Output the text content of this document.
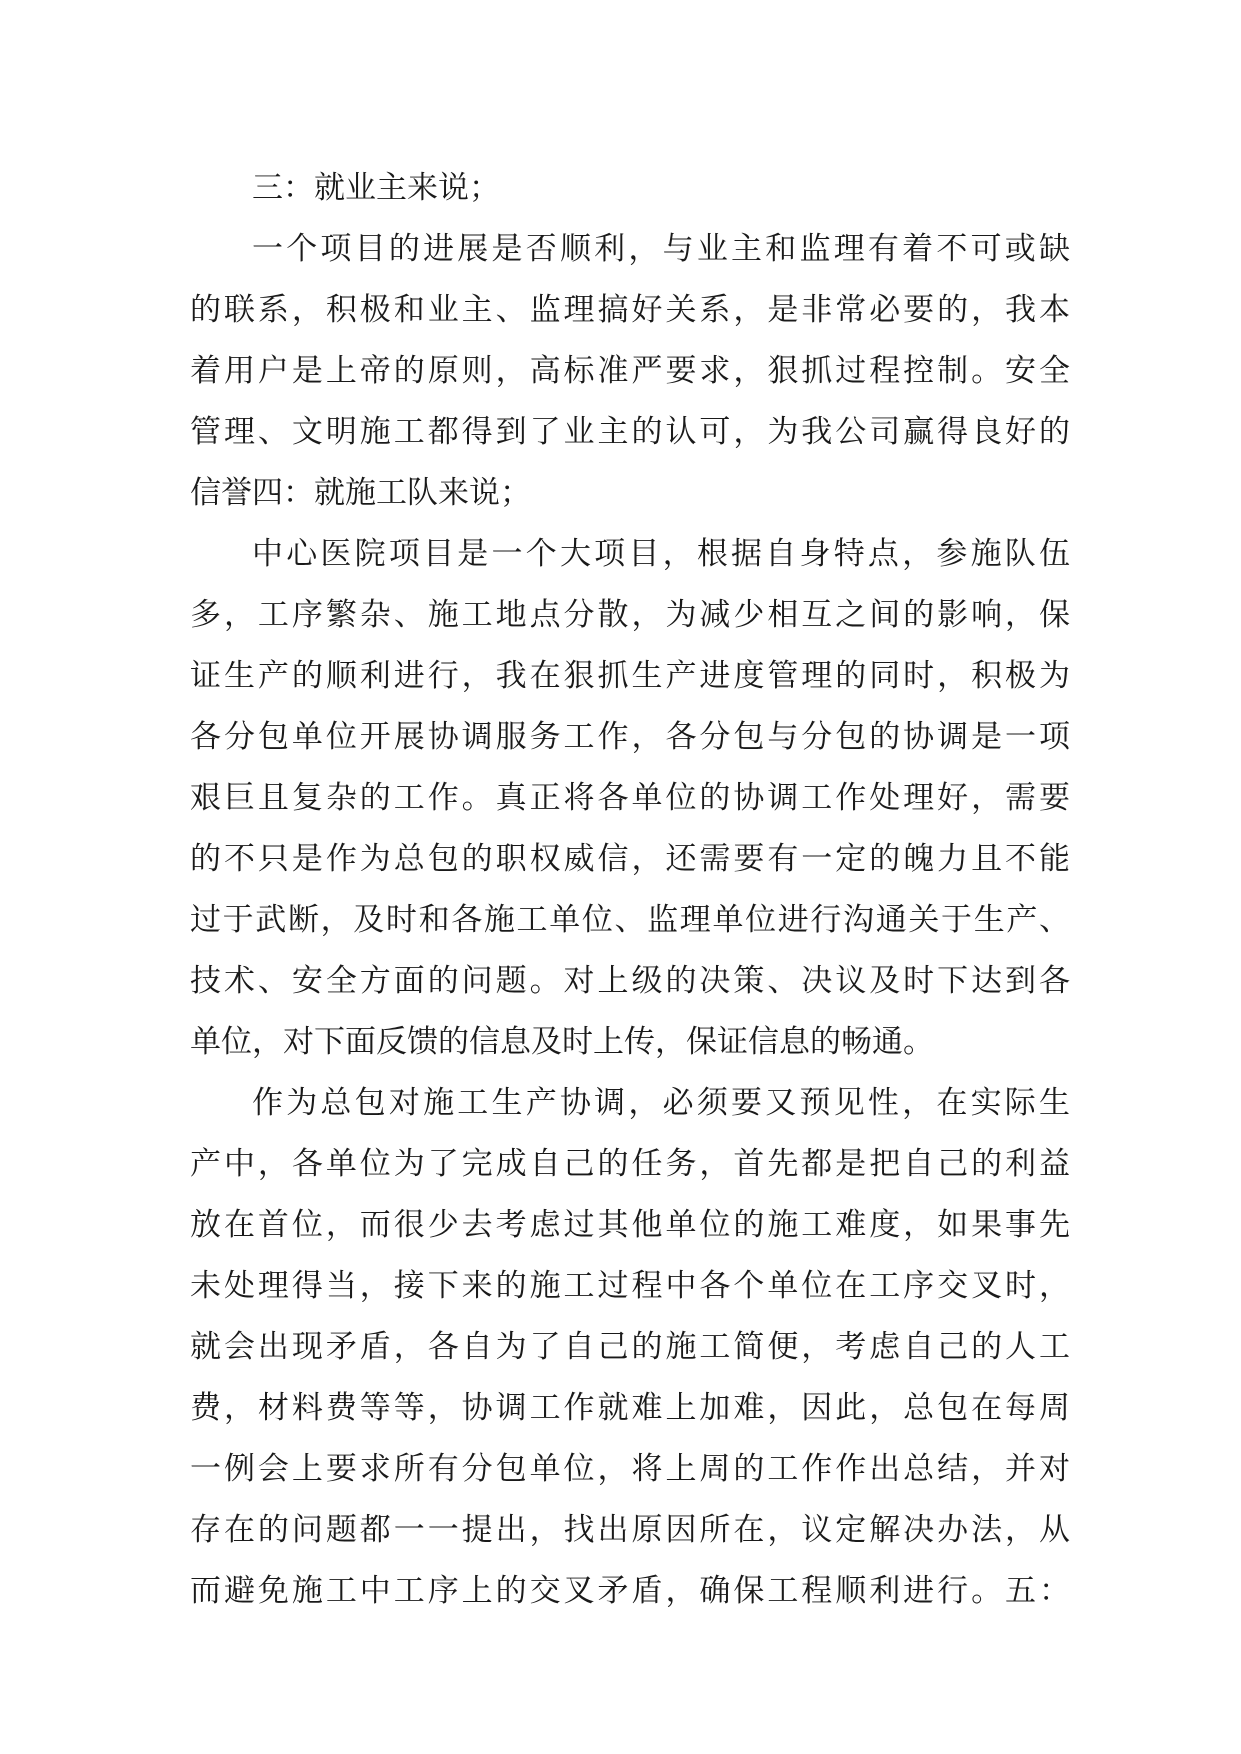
三：就业主来说；
一个项目的进展是否顺利，与业主和监理有着不可或缺
的联系，积极和业主、监理搞好关系，是非常必要的，我本
着用户是上帝的原则，高标准严要求，狠抓过程控制。安全
管理、文明施工都得到了业主的认可，为我公司赢得良好的
信誉四：就施工队来说；
中心医院项目是一个大项目，根据自身特点，参施队伍
多，工序繁杂、施工地点分散，为减少相互之间的影响，保
证生产的顺利进行，我在狠抓生产进度管理的同时，积极为
各分包单位开展协调服务工作，各分包与分包的协调是一项
艰巨且复杂的工作。真正将各单位的协调工作处理好，需要
的不只是作为总包的职权威信，还需要有一定的魄力且不能
过于武断，及时和各施工单位、监理单位进行沟通关于生产、
技术、安全方面的问题。对上级的决策、决议及时下达到各
单位，对下面反馈的信息及时上传，保证信息的畅通。
作为总包对施工生产协调，必须要又预见性，在实际生
产中，各单位为了完成自己的任务，首先都是把自己的利益
放在首位，而很少去考虑过其他单位的施工难度，如果事先
未处理得当，接下来的施工过程中各个单位在工序交叉时，
就会出现矛盾，各自为了自己的施工简便，考虑自己的人工
费，材料费等等，协调工作就难上加难，因此，总包在每周
一例会上要求所有分包单位，将上周的工作作出总结，并对
存在的问题都一一提出，找出原因所在，议定解决办法，从
而避免施工中工序上的交叉矛盾，确保工程顺利进行。五：
